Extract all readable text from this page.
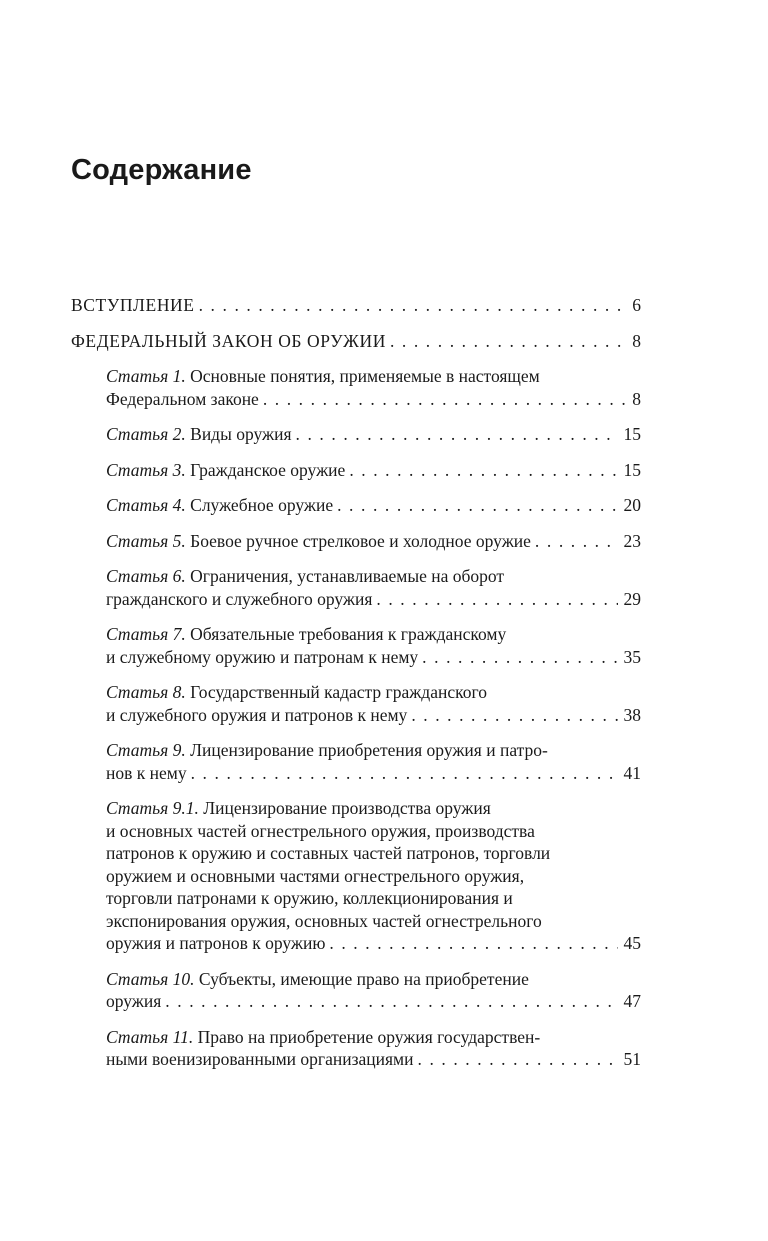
Содержание
ВСТУПЛЕНИЕ . . .	6
ФЕДЕРАЛЬНЫЙ ЗАКОН ОБ ОРУЖИИ . . .	8
Статья 1. Основные понятия, применяемые в настоящем
Федеральном законе . . .	8
Статья 2. Виды оружия . . .	15
Статья 3. Гражданское оружие . . .	15
Статья 4. Служебное оружие . . .	20
Статья 5. Боевое ручное стрелковое и холодное оружие . . .	23
Статья 6. Ограничения, устанавливаемые на оборот
гражданского и служебного оружия . . .	29
Статья 7. Обязательные требования к гражданскому
и служебному оружию и патронам к нему . . .	35
Статья 8. Государственный кадастр гражданского
и служебного оружия и патронов к нему . . .	38
Статья 9. Лицензирование приобретения оружия и патро-
нов к нему . . .	41
Статья 9.1. Лицензирование производства оружия
и основных частей огнестрельного оружия, производства
патронов к оружию и составных частей патронов, торговли
оружием и основными частями огнестрельного оружия,
торговли патронами к оружию, коллекционирования и
экспонирования оружия, основных частей огнестрельного
оружия и патронов к оружию . . .	45
Статья 10. Субъекты, имеющие право на приобретение
оружия . . .	47
Статья 11. Право на приобретение оружия государствен-
ными военизированными организациями . . .	51
